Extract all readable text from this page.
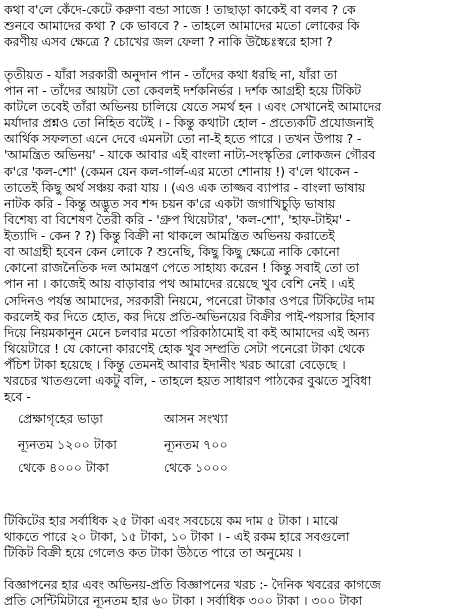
কথা ব'লে কেঁদে-কেটে করুণা বন্ডা সাজে ! তাছাড়া কাকেই বা বলব ? কে
শুনবে আমাদের কথা ? কে ভাববে ? - তাহলে আমাদের মতো লোকের কি
করণীয় এসব ক্ষেত্রে ? চোখের জল ফেলা ? নাকি উচ্চৈঃস্বরে হাসা ?
তৃতীয়ত - যাঁরা সরকারী অনুদান পান - তাঁদের কথা ধরছি না, যাঁরা তা
পান না - তাঁদের আয়টা তো কেবলই দর্শকনির্ভর । দর্শক আগ্রহী হয়ে টিকিট
কাটলে তবেই তাঁরা অভিনয় চালিয়ে যেতে সমর্থ হন । এবং সেখানেই আমাদের
মর্যাদার প্রশ্নও তো নিহিত বটেই । - কিন্তু কথাটা হোল - প্রত্যেকটি প্রযোজনাই
আর্থিক সফলতা এনে দেবে এমনটা তো না-ই হতে পারে । তখন উপায় ? -
'আমন্ত্রিত অভিনয়' - যাকে আবার এই বাংলা নাট্য-সংস্কৃতির লোকজন গৌরব
ক'রে 'কল-শো' (কেমন যেন কল-গার্ল-এর মতো শোনায় !) ব'লে থাকেন -
তাতেই কিছু অর্থ সঞ্চয় করা যায় । (এও এক তাজ্জব ব্যাপার - বাংলা ভাষায়
নাটক করি - কিন্তু অদ্ভুত সব শব্দ চয়ন ক'রে একটা জগাখিচুড়ি ভাষায়
বিশেষ্য বা বিশেষণ তৈরী করি - 'গ্রুপ থিয়েটার', 'কল-শো', 'হাফ-টাইম' -
ইত্যাদি - কেন ? ?) কিন্তু বিক্রী না থাকলে আমন্ত্রিত অভিনয় করাতেই
বা আগ্রহী হবেন কেন লোকে ? শুনেছি, কিছু কিছু ক্ষেত্রে নাকি কোনো
কোনো রাজনৈতিক দল আমন্ত্রণ পেতে সাহায্য করেন ! কিন্তু সবাই তো তা
পান না । কাজেই আয় বাড়াবার পথ আমাদের রয়েছে খুব বেশি নেই । এই
সেদিনও পর্যন্ত আমাদের, সরকারী নিয়মে, পনেরো টাকার ওপরে টিকিটের দাম
করলেই কর দিতে হোত, কর দিয়ে প্রতি-অভিনয়ের বিক্রীর পাই-পয়সার হিসাব
দিয়ে নিয়মকানুন মেনে চলবার মতো পরিকাঠামোই বা কই আমাদের এই অন্য
থিয়েটারে ! যে কোনো কারণেই হোক খুব সম্প্রতি সেটা পনেরো টাকা থেকে
পঁচিশ টাকা হয়েছে । কিন্তু তেমনই আবার ইদানীং খরচ আরো বেড়েছে ।
খরচের খাতগুলো একটু বলি, - তাহলে হয়ত সাধারণ পাঠকের বুঝতে সুবিধা
হবে -
প্রেক্ষাগৃহের ভাড়া	আসন সংখ্যা
ন্যূনতম ১২০০ টাকা	ন্যূনতম ৭০০
থেকে ৪০০০ টাকা	থেকে ১০০০
টিকিটের হার সর্বাধিক ২৫ টাকা এবং সবচেয়ে কম দাম ৫ টাকা । মাঝে
থাকতে পারে ২০ টাকা, ১৫ টাকা, ১০ টাকা । - এই রকম হারে সবগুলো
টিকিট বিক্রী হয়ে গেলেও কত টাকা উঠতে পারে তা অনুমেয় ।
বিজ্ঞাপনের হার এবং অভিনয়-প্রতি বিজ্ঞাপনের খরচ :- দৈনিক খবরের কাগজে
প্রতি সেন্টিমিটারে ন্যূনতম হার ৬০ টাকা । সর্বাধিক ৩০০ টাকা । ৩০০ টাকা
